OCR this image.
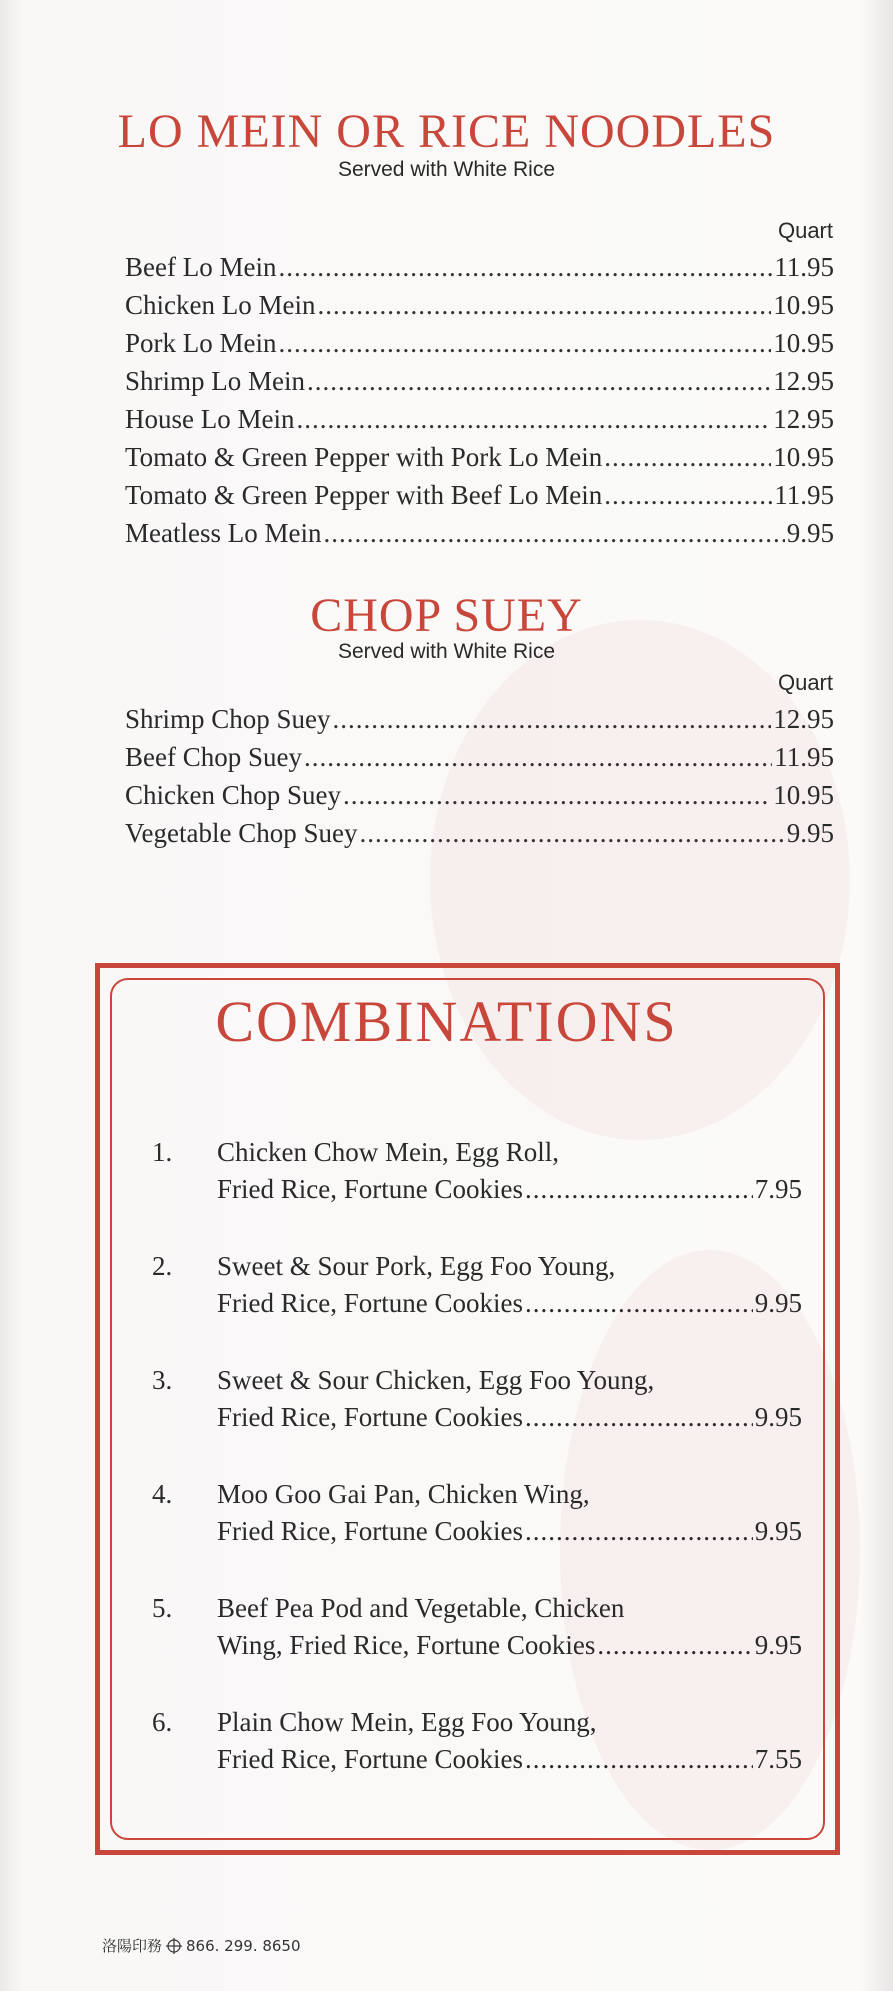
LO MEIN OR RICE NOODLES
Served with White Rice
Quart
Beef Lo Mein .....	11.95
Chicken Lo Mein .....	10.95
Pork Lo Mein .....	10.95
Shrimp Lo Mein .....	12.95
House Lo Mein .....	12.95
Tomato & Green Pepper with Pork Lo Mein .....	10.95
Tomato & Green Pepper with Beef Lo Mein .....	11.95
Meatless Lo Mein .....	9.95
CHOP SUEY
Served with White Rice
Quart
Shrimp Chop Suey .....	12.95
Beef Chop Suey .....	11.95
Chicken Chop Suey .....	10.95
Vegetable Chop Suey .....	9.95
COMBINATIONS
1. Chicken Chow Mein, Egg Roll,
Fried Rice, Fortune Cookies .....	7.95
2. Sweet & Sour Pork, Egg Foo Young,
Fried Rice, Fortune Cookies .....	9.95
3. Sweet & Sour Chicken, Egg Foo Young,
Fried Rice, Fortune Cookies .....	9.95
4. Moo Goo Gai Pan, Chicken Wing,
Fried Rice, Fortune Cookies .....	9.95
5. Beef Pea Pod and Vegetable, Chicken
Wing, Fried Rice, Fortune Cookies .....	9.95
6. Plain Chow Mein, Egg Foo Young,
Fried Rice, Fortune Cookies .....	7.55
洛陽印務 866. 299. 8650
